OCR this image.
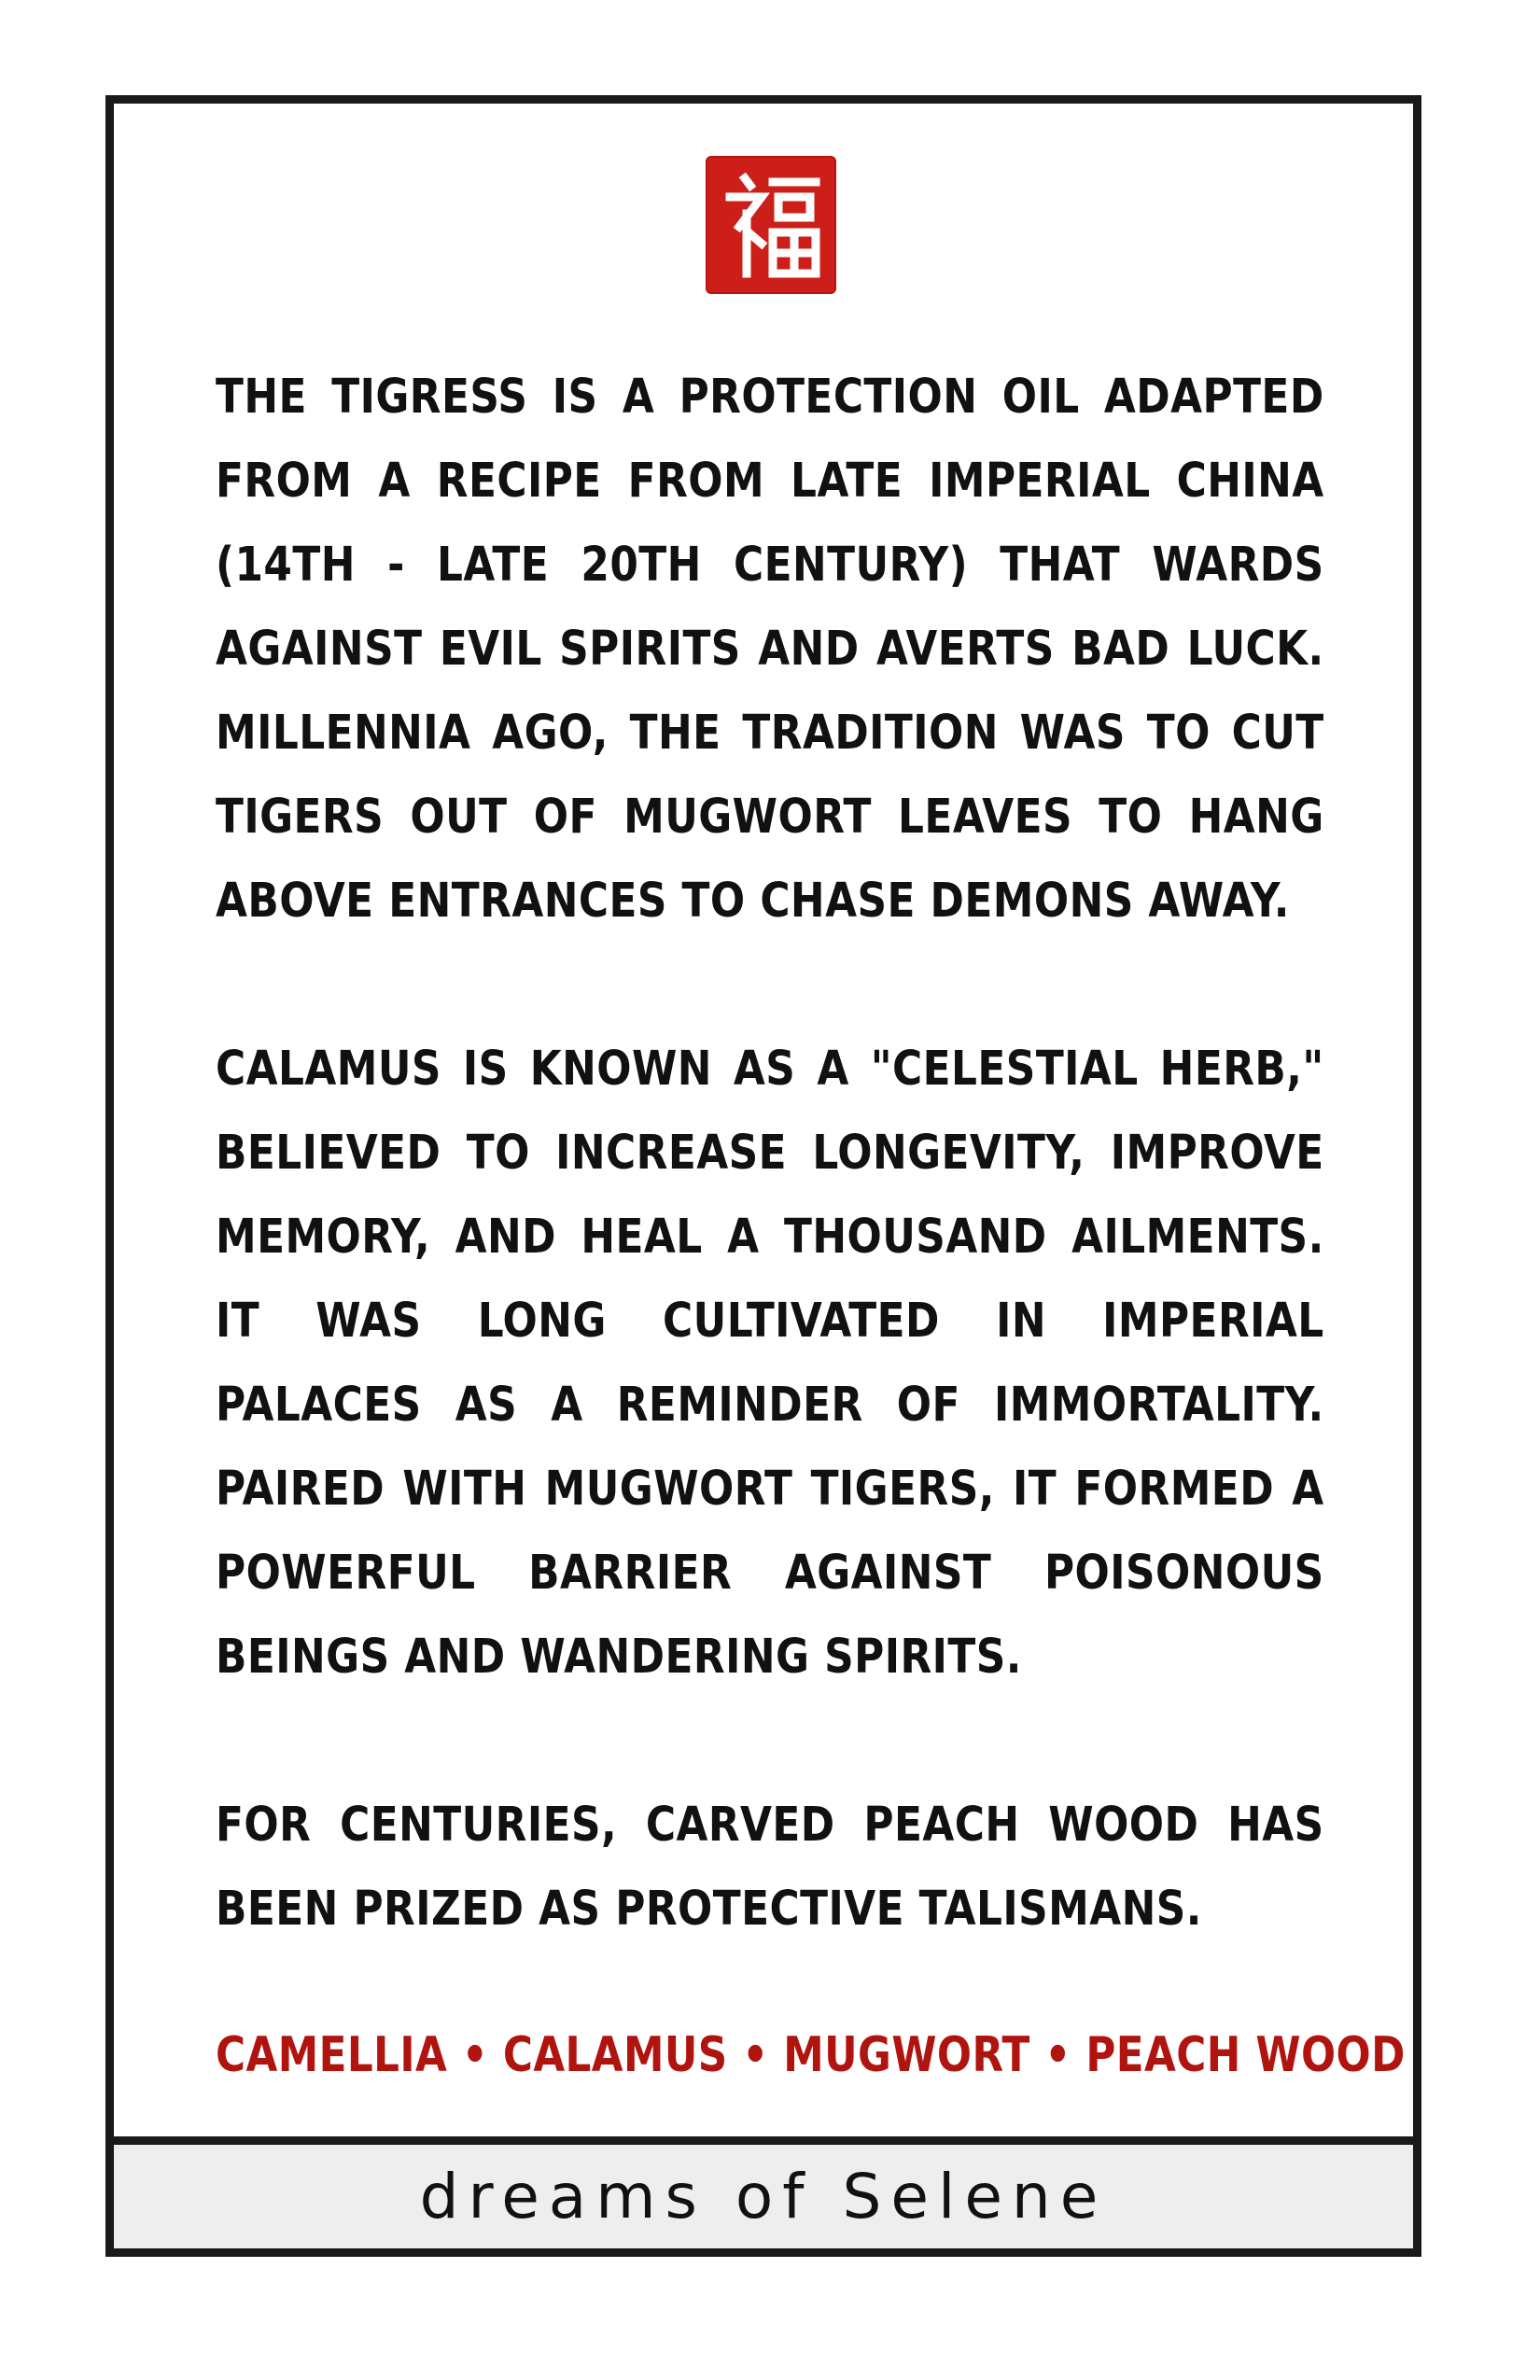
THE TIGRESS IS A PROTECTION OIL ADAPTED FROM A RECIPE FROM LATE IMPERIAL CHINA (14TH - LATE 20TH CENTURY) THAT WARDS AGAINST EVIL SPIRITS AND AVERTS BAD LUCK. MILLENNIA AGO, THE TRADITION WAS TO CUT TIGERS OUT OF MUGWORT LEAVES TO HANG ABOVE ENTRANCES TO CHASE DEMONS AWAY.

CALAMUS IS KNOWN AS A "CELESTIAL HERB," BELIEVED TO INCREASE LONGEVITY, IMPROVE MEMORY, AND HEAL A THOUSAND AILMENTS. IT WAS LONG CULTIVATED IN IMPERIAL PALACES AS A REMINDER OF IMMORTALITY. PAIRED WITH MUGWORT TIGERS, IT FORMED A POWERFUL BARRIER AGAINST POISONOUS BEINGS AND WANDERING SPIRITS.

FOR CENTURIES, CARVED PEACH WOOD HAS BEEN PRIZED AS PROTECTIVE TALISMANS.

CAMELLIA • CALAMUS • MUGWORT • PEACH WOOD
dreams of Selene
